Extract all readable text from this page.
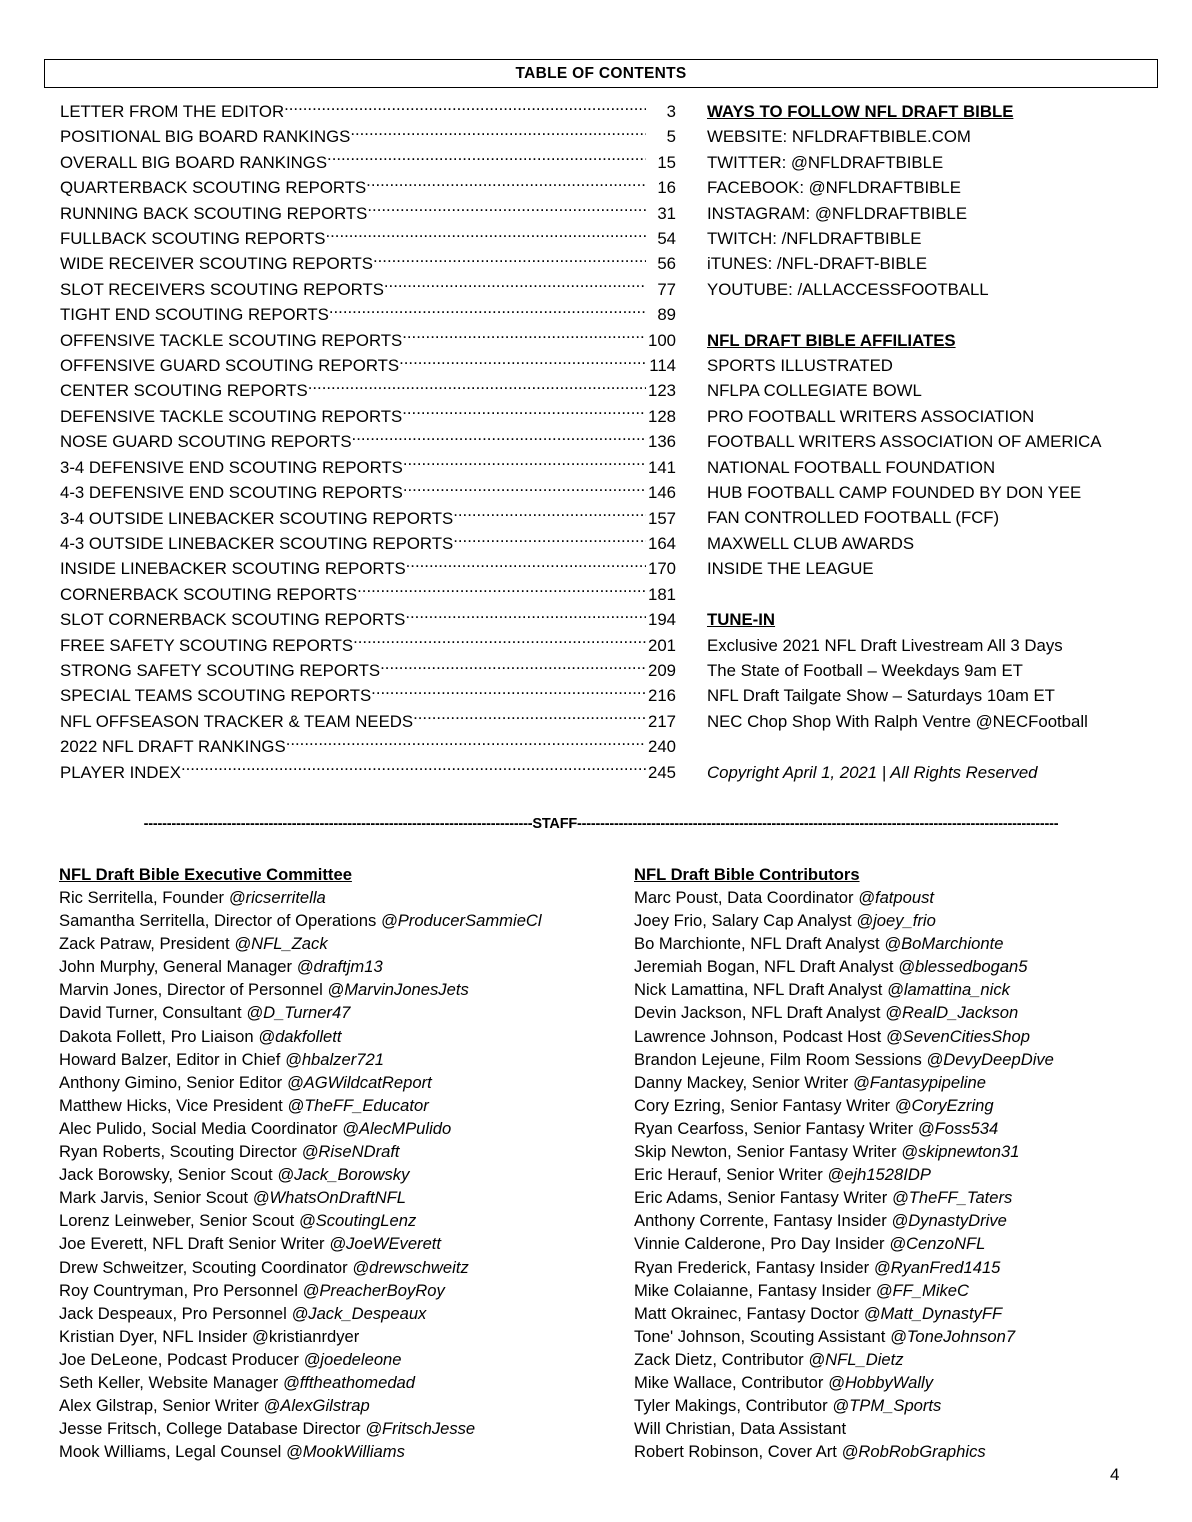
TABLE OF CONTENTS
LETTER FROM THE EDITOR .....	3
POSITIONAL BIG BOARD RANKINGS .....	5
OVERALL BIG BOARD RANKINGS .....	15
QUARTERBACK SCOUTING REPORTS .....	16
RUNNING BACK SCOUTING REPORTS .....	31
FULLBACK SCOUTING REPORTS .....	54
WIDE RECEIVER SCOUTING REPORTS .....	56
SLOT RECEIVERS SCOUTING REPORTS .....	77
TIGHT END SCOUTING REPORTS .....	89
OFFENSIVE TACKLE SCOUTING REPORTS .....	100
OFFENSIVE GUARD SCOUTING REPORTS .....	114
CENTER SCOUTING REPORTS .....	123
DEFENSIVE TACKLE SCOUTING REPORTS .....	128
NOSE GUARD SCOUTING REPORTS .....	136
3-4 DEFENSIVE END SCOUTING REPORTS .....	141
4-3 DEFENSIVE END SCOUTING REPORTS .....	146
3-4 OUTSIDE LINEBACKER SCOUTING REPORTS .....	157
4-3 OUTSIDE LINEBACKER SCOUTING REPORTS .....	164
INSIDE LINEBACKER SCOUTING REPORTS .....	170
CORNERBACK SCOUTING REPORTS .....	181
SLOT CORNERBACK SCOUTING REPORTS .....	194
FREE SAFETY SCOUTING REPORTS .....	201
STRONG SAFETY SCOUTING REPORTS .....	209
SPECIAL TEAMS SCOUTING REPORTS .....	216
NFL OFFSEASON TRACKER & TEAM NEEDS .....	217
2022 NFL DRAFT RANKINGS .....	240
PLAYER INDEX .....	245
WAYS TO FOLLOW NFL DRAFT BIBLE
WEBSITE: NFLDRAFTBIBLE.COM
TWITTER: @NFLDRAFTBIBLE
FACEBOOK: @NFLDRAFTBIBLE
INSTAGRAM: @NFLDRAFTBIBLE
TWITCH: /NFLDRAFTBIBLE
iTUNES: /NFL-DRAFT-BIBLE
YOUTUBE: /ALLACCESSFOOTBALL
NFL DRAFT BIBLE AFFILIATES
SPORTS ILLUSTRATED
NFLPA COLLEGIATE BOWL
PRO FOOTBALL WRITERS ASSOCIATION
FOOTBALL WRITERS ASSOCIATION OF AMERICA
NATIONAL FOOTBALL FOUNDATION
HUB FOOTBALL CAMP FOUNDED BY DON YEE
FAN CONTROLLED FOOTBALL (FCF)
MAXWELL CLUB AWARDS
INSIDE THE LEAGUE
TUNE-IN
Exclusive 2021 NFL Draft Livestream All 3 Days
The State of Football – Weekdays 9am ET
NFL Draft Tailgate Show – Saturdays 10am ET
NEC Chop Shop With Ralph Ventre @NECFootball
Copyright April 1, 2021 | All Rights Reserved
------------------------------------------------------------------------------------STAFF--------------------------------------------------------------------------------------------------------
NFL Draft Bible Executive Committee
Ric Serritella, Founder @ricserritella
Samantha Serritella, Director of Operations @ProducerSammieCl
Zack Patraw, President @NFL_Zack
John Murphy, General Manager @draftjm13
Marvin Jones, Director of Personnel @MarvinJonesJets
David Turner, Consultant @D_Turner47
Dakota Follett, Pro Liaison @dakfollett
Howard Balzer, Editor in Chief @hbalzer721
Anthony Gimino, Senior Editor @AGWildcatReport
Matthew Hicks, Vice President @TheFF_Educator
Alec Pulido, Social Media Coordinator @AlecMPulido
Ryan Roberts, Scouting Director @RiseNDraft
Jack Borowsky, Senior Scout @Jack_Borowsky
Mark Jarvis, Senior Scout @WhatsOnDraftNFL
Lorenz Leinweber, Senior Scout @ScoutingLenz
Joe Everett, NFL Draft Senior Writer @JoeWEverett
Drew Schweitzer, Scouting Coordinator @drewschweitz
Roy Countryman, Pro Personnel @PreacherBoyRoy
Jack Despeaux, Pro Personnel @Jack_Despeaux
Kristian Dyer, NFL Insider @kristianrdyer
Joe DeLeone, Podcast Producer @joedeleone
Seth Keller, Website Manager @fftheathomedad
Alex Gilstrap, Senior Writer @AlexGilstrap
Jesse Fritsch, College Database Director @FritschJesse
Mook Williams, Legal Counsel @MookWilliams
NFL Draft Bible Contributors
Marc Poust, Data Coordinator @fatpoust
Joey Frio, Salary Cap Analyst @joey_frio
Bo Marchionte, NFL Draft Analyst @BoMarchionte
Jeremiah Bogan, NFL Draft Analyst @blessedbogan5
Nick Lamattina, NFL Draft Analyst @lamattina_nick
Devin Jackson, NFL Draft Analyst @RealD_Jackson
Lawrence Johnson, Podcast Host @SevenCitiesShop
Brandon Lejeune, Film Room Sessions @DevyDeepDive
Danny Mackey, Senior Writer @Fantasypipeline
Cory Ezring, Senior Fantasy Writer @CoryEzring
Ryan Cearfoss, Senior Fantasy Writer @Foss534
Skip Newton, Senior Fantasy Writer @skipnewton31
Eric Herauf, Senior Writer @ejh1528IDP
Eric Adams, Senior Fantasy Writer @TheFF_Taters
Anthony Corrente, Fantasy Insider @DynastyDrive
Vinnie Calderone, Pro Day Insider @CenzoNFL
Ryan Frederick, Fantasy Insider @RyanFred1415
Mike Colaianne, Fantasy Insider @FF_MikeC
Matt Okrainec, Fantasy Doctor @Matt_DynastyFF
Tone' Johnson, Scouting Assistant @ToneJohnson7
Zack Dietz, Contributor @NFL_Dietz
Mike Wallace, Contributor @HobbyWally
Tyler Makings, Contributor @TPM_Sports
Will Christian, Data Assistant
Robert Robinson, Cover Art @RobRobGraphics
4
